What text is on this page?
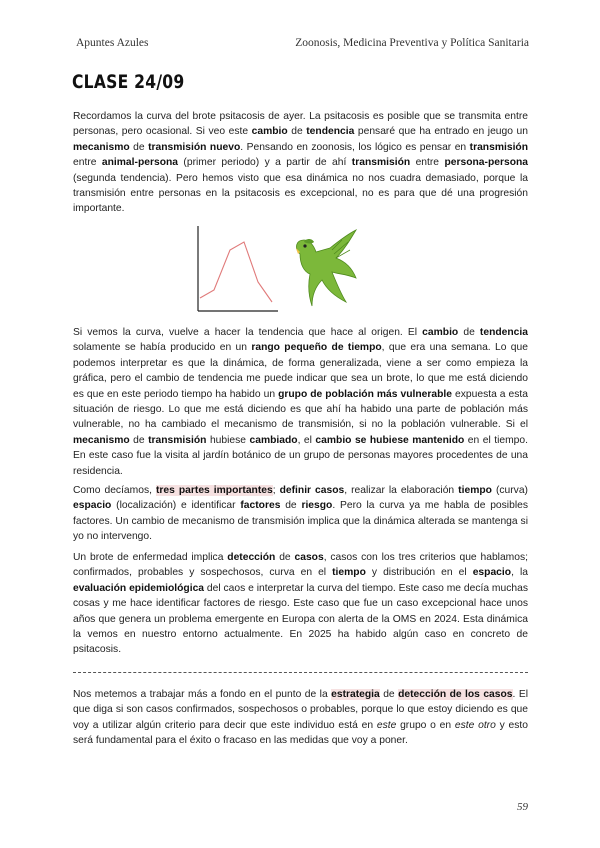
Apuntes Azules	Zoonosis, Medicina Preventiva y Política Sanitaria
CLASE 24/09

Recordamos la curva del brote psitacosis de ayer. La psitacosis es posible que se transmita entre personas, pero ocasional. Si veo este cambio de tendencia pensaré que ha entrado en jeugo un mecanismo de transmisión nuevo. Pensando en zoonosis, los lógico es pensar en transmisión entre animal-persona (primer periodo) y a partir de ahí transmisión entre persona-persona (segunda tendencia). Pero hemos visto que esa dinámica no nos cuadra demasiado, porque la transmisión entre personas en la psitacosis es excepcional, no es para que dé una progresión importante.

Si vemos la curva, vuelve a hacer la tendencia que hace al origen. El cambio de tendencia solamente se había producido en un rango pequeño de tiempo, que era una semana. Lo que podemos interpretar es que la dinámica, de forma generalizada, viene a ser como empieza la gráfica, pero el cambio de tendencia me puede indicar que sea un brote, lo que me está diciendo es que en este periodo tiempo ha habido un grupo de población más vulnerable expuesta a esta situación de riesgo. Lo que me está diciendo es que ahí ha habido una parte de población más vulnerable, no ha cambiado el mecanismo de transmisión, si no la población vulnerable. Si el mecanismo de transmisión hubiese cambiado, el cambio se hubiese mantenido en el tiempo. En este caso fue la visita al jardín botánico de un grupo de personas mayores procedentes de una residencia.

Como decíamos, tres partes importantes; definir casos, realizar la elaboración tiempo (curva) espacio (localización) e identificar factores de riesgo. Pero la curva ya me habla de posibles factores. Un cambio de mecanismo de transmisión implica que la dinámica alterada se mantenga si yo no intervengo.

Un brote de enfermedad implica detección de casos, casos con los tres criterios que hablamos; confirmados, probables y sospechosos, curva en el tiempo y distribución en el espacio, la evaluación epidemiológica del caos e interpretar la curva del tiempo. Este caso me decía muchas cosas y me hace identificar factores de riesgo. Este caso que fue un caso excepcional hace unos años que genera un problema emergente en Europa con alerta de la OMS en 2024. Esta dinámica la vemos en nuestro entorno actualmente. En 2025 ha habido algún caso en concreto de psitacosis.

Nos metemos a trabajar más a fondo en el punto de la estrategia de detección de los casos. El que diga si son casos confirmados, sospechosos o probables, porque lo que estoy diciendo es que voy a utilizar algún criterio para decir que este individuo está en este grupo o en este otro y esto será fundamental para el éxito o fracaso en las medidas que voy a poner.

59
